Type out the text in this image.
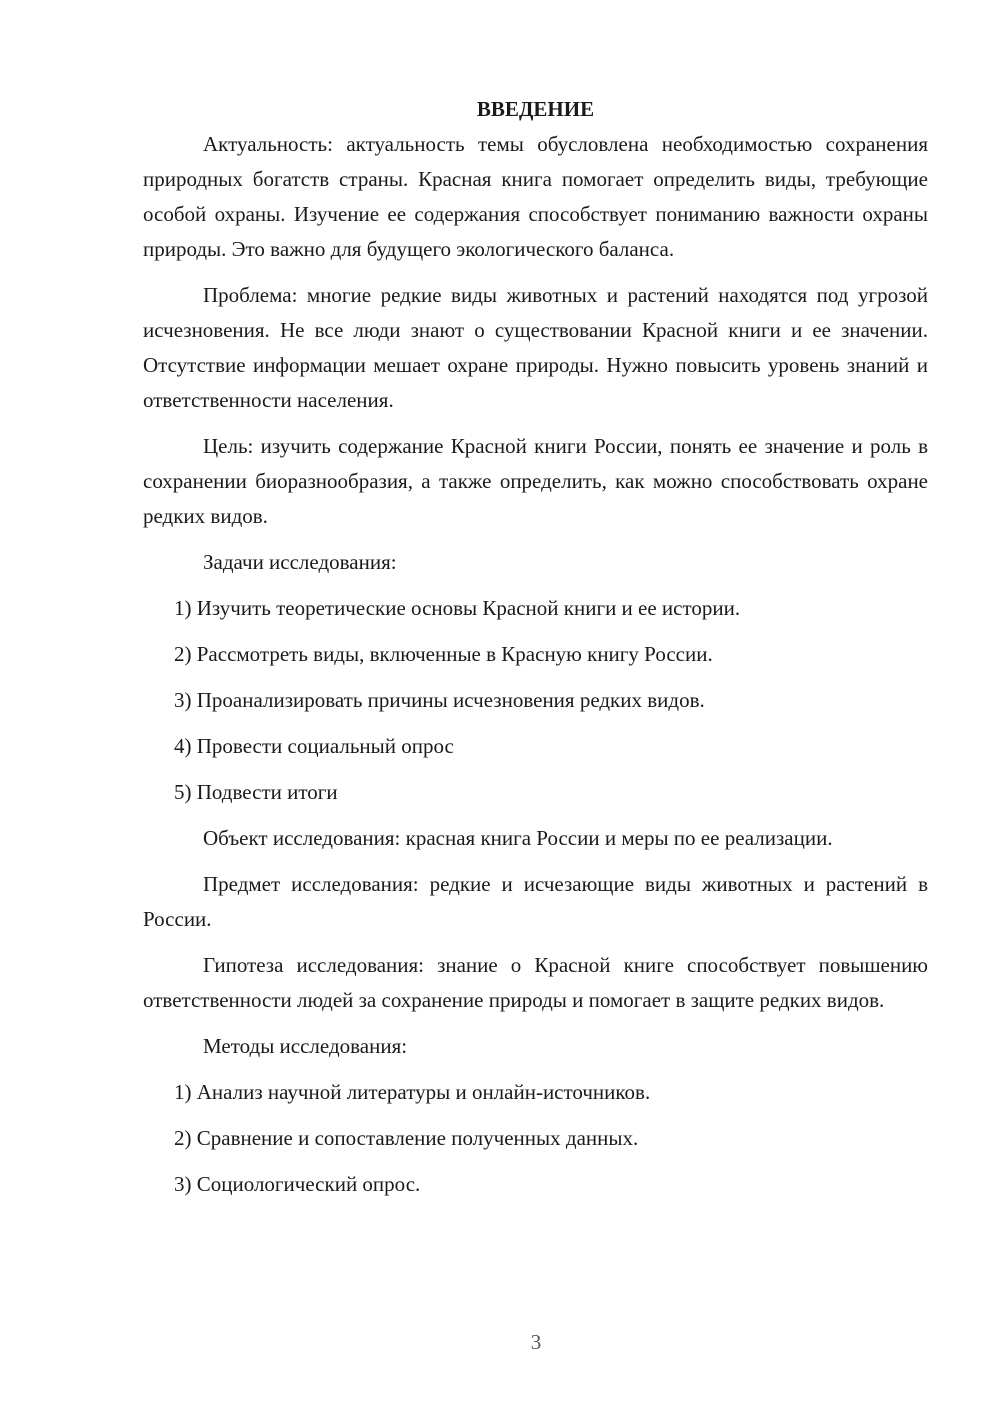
ВВЕДЕНИЕ

Актуальность: актуальность темы обусловлена необходимостью сохранения природных богатств страны. Красная книга помогает определить виды, требующие особой охраны. Изучение ее содержания способствует пониманию важности охраны природы. Это важно для будущего экологического баланса.

Проблема: многие редкие виды животных и растений находятся под угрозой исчезновения. Не все люди знают о существовании Красной книги и ее значении. Отсутствие информации мешает охране природы. Нужно повысить уровень знаний и ответственности населения.

Цель: изучить содержание Красной книги России, понять ее значение и роль в сохранении биоразнообразия, а также определить, как можно способствовать охране редких видов.

Задачи исследования:

1) Изучить теоретические основы Красной книги и ее истории.

2) Рассмотреть виды, включенные в Красную книгу России.

3) Проанализировать причины исчезновения редких видов.

4) Провести социальный опрос

5) Подвести итоги

Объект исследования: красная книга России и меры по ее реализации.

Предмет исследования: редкие и исчезающие виды животных и растений в России.

Гипотеза исследования: знание о Красной книге способствует повышению ответственности людей за сохранение природы и помогает в защите редких видов.

Методы исследования:

1) Анализ научной литературы и онлайн-источников.

2) Сравнение и сопоставление полученных данных.

3) Социологический опрос.

3
